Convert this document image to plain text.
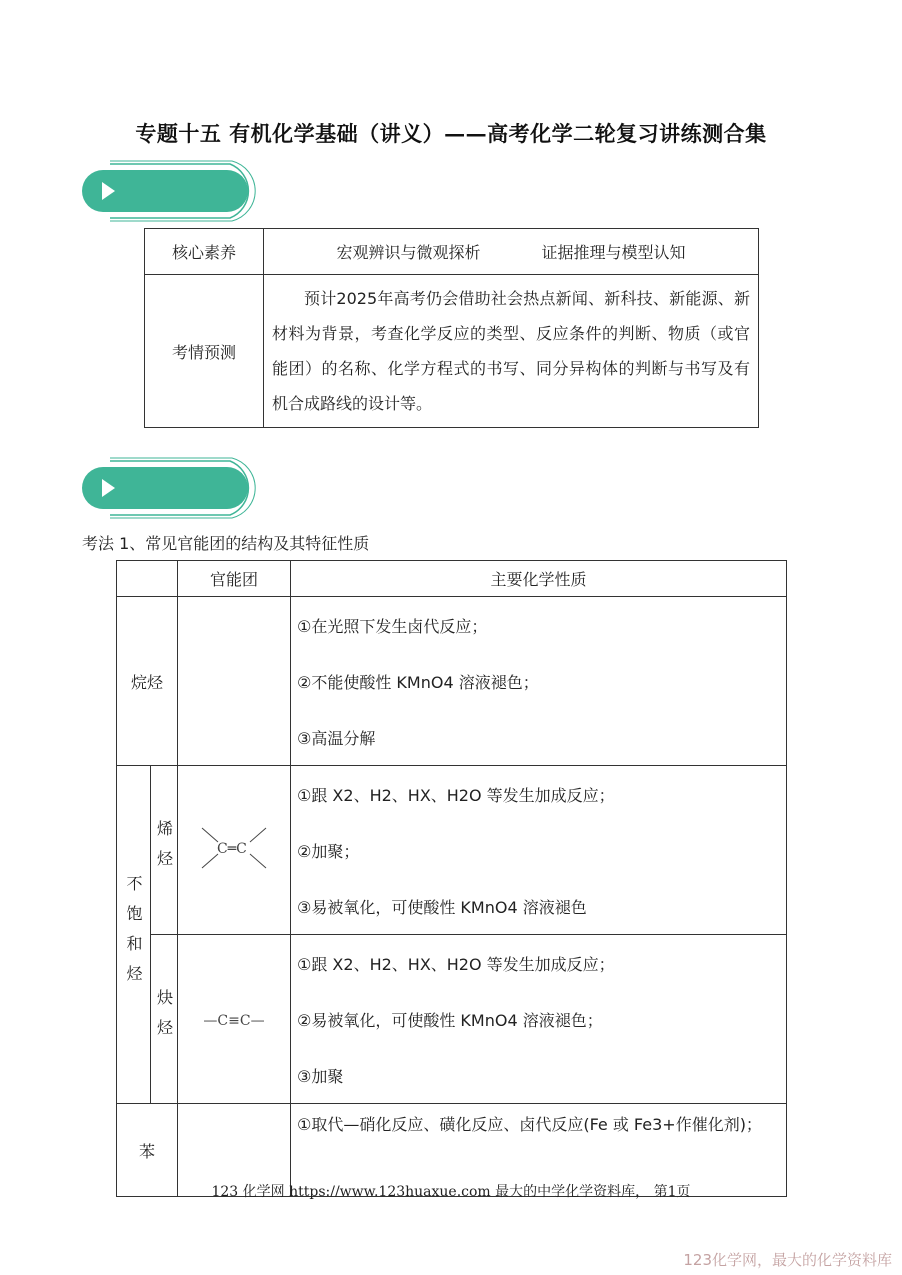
专题十五 有机化学基础（讲义）——高考化学二轮复习讲练测合集
核心素养	宏观辨识与微观探析 证据推理与模型认知
考情预测	预计2025年高考仍会借助社会热点新闻、新科技、新能源、新材料为背景，考查化学反应的类型、反应条件的判断、物质（或官能团）的名称、化学方程式的书写、同分异构体的判断与书写及有机合成路线的设计等。
考法 1、常见官能团的结构及其特征性质
		官能团	主要化学性质
烷烃			①在光照下发生卤代反应；
②不能使酸性 KMnO4 溶液褪色；
③高温分解

不饱和烃	烯烃	C═C	①跟 X2、H2、HX、H2O 等发生加成反应；
②加聚；
③易被氧化，可使酸性 KMnO4 溶液褪色

	炔烃	—C≡C—	①跟 X2、H2、HX、H2O 等发生加成反应；
②易被氧化，可使酸性 KMnO4 溶液褪色；
③加聚

苯			①取代—硝化反应、磺化反应、卤代反应(Fe 或 Fe3+作催化剂)；
123 化学网 https://www.123huaxue.com 最大的中学化学资料库， 第1页
123化学网，最大的化学资料库
